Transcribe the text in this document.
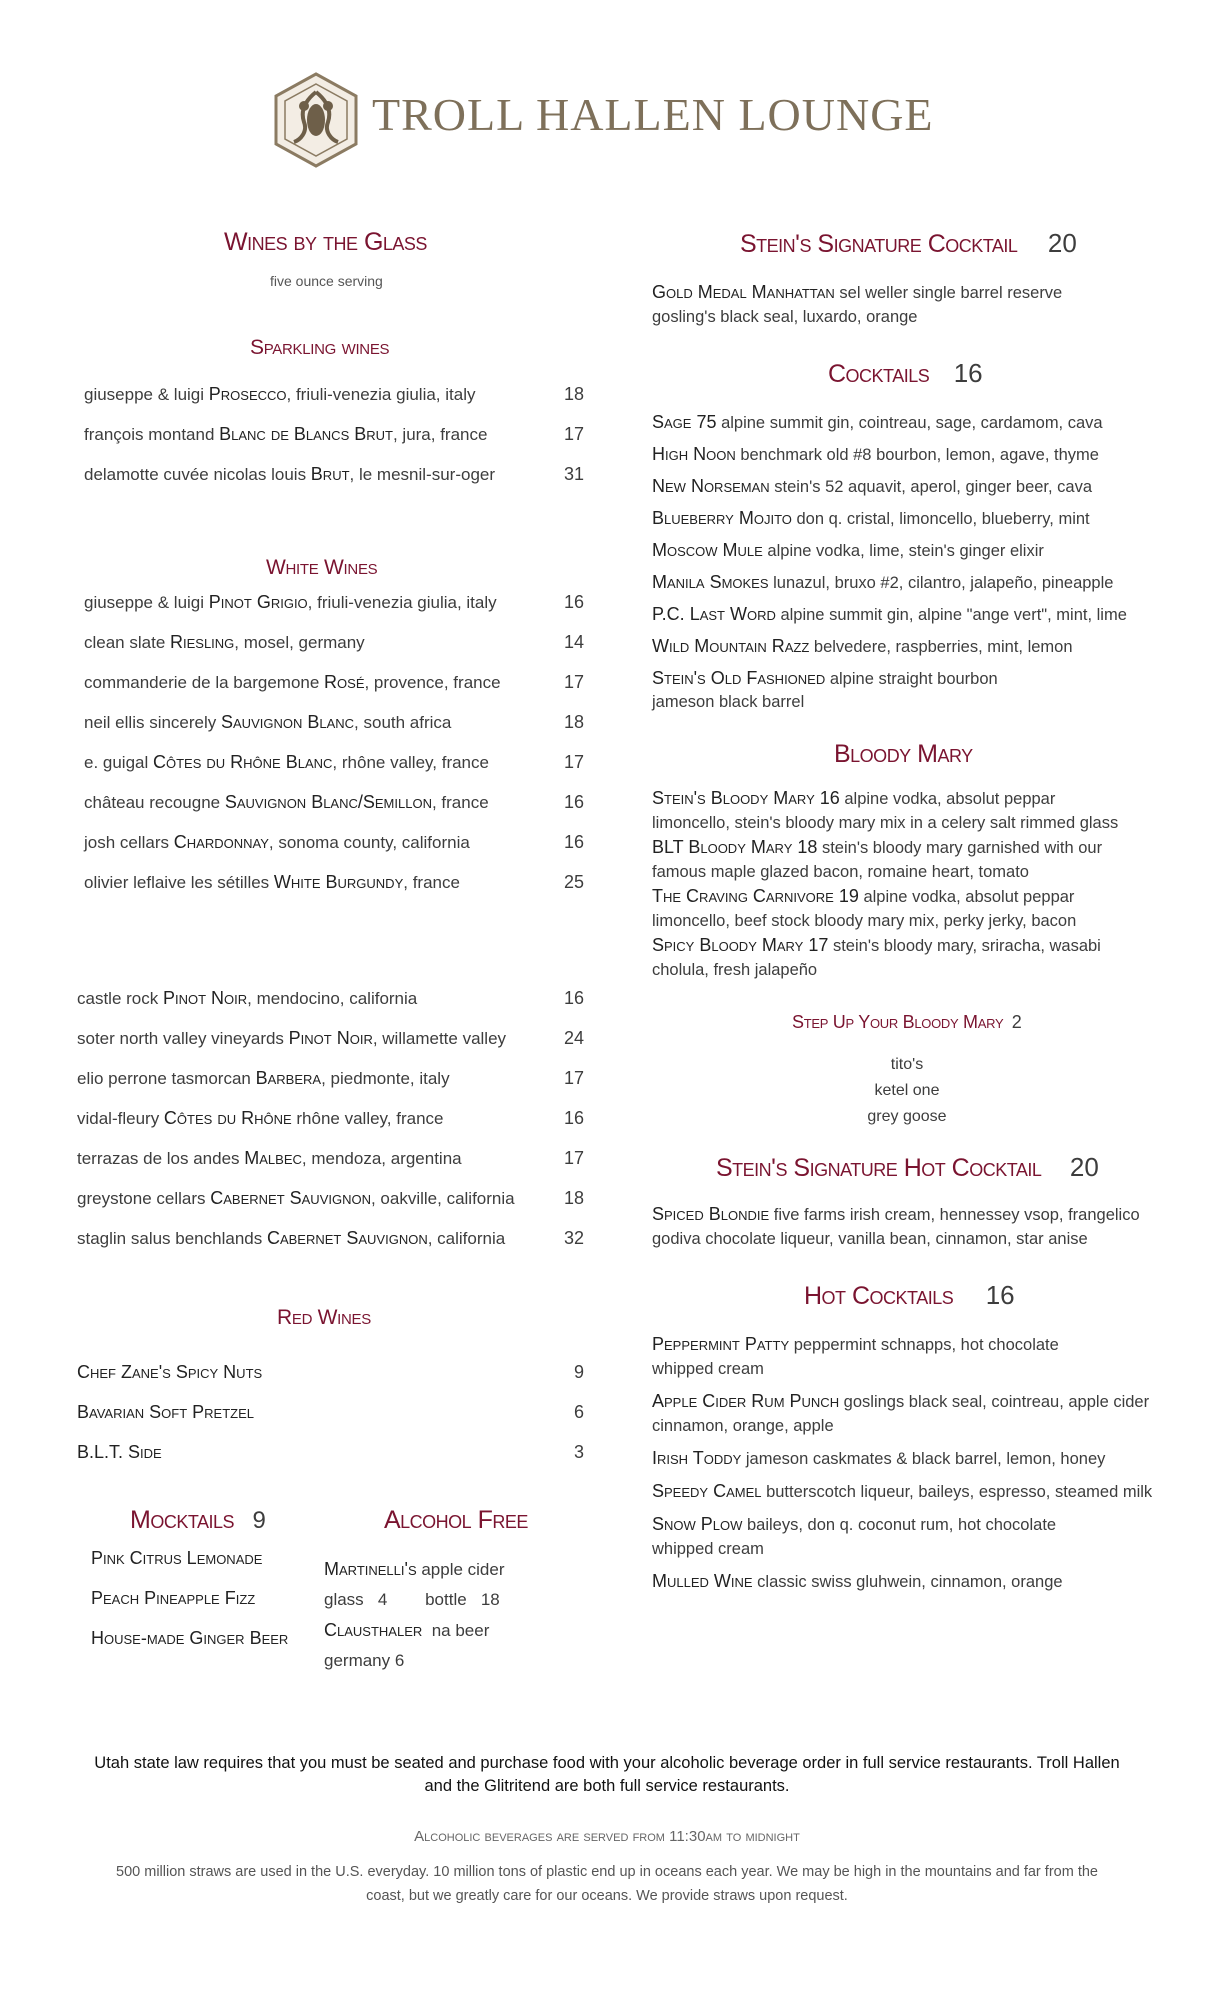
TROLL HALLEN LOUNGE
Wines by the Glass
five ounce serving
Sparkling wines
giuseppe & luigi Prosecco, friuli-venezia giulia, italy	18
françois montand Blanc de Blancs Brut, jura, france	17
delamotte cuvée nicolas louis Brut, le mesnil-sur-oger	31
White Wines
giuseppe & luigi Pinot Grigio, friuli-venezia giulia, italy	16
clean slate Riesling, mosel, germany	14
commanderie de la bargemone Rosé, provence, france	17
neil ellis sincerely Sauvignon Blanc, south africa	18
e. guigal Côtes du Rhône Blanc, rhône valley, france	17
château recougne Sauvignon Blanc/Semillon, france	16
josh cellars Chardonnay, sonoma county, california	16
olivier leflaive les sétilles White Burgundy, france	25
castle rock Pinot Noir, mendocino, california	16
soter north valley vineyards Pinot Noir, willamette valley	24
elio perrone tasmorcan Barbera, piedmonte, italy	17
vidal-fleury Côtes du Rhône rhône valley, france	16
terrazas de los andes Malbec, mendoza, argentina	17
greystone cellars Cabernet Sauvignon, oakville, california	18
staglin salus benchlands Cabernet Sauvignon, california	32
Red Wines
Chef Zane's Spicy Nuts	9
Bavarian Soft Pretzel	6
B.L.T. Side	3
Mocktails 9
Pink Citrus Lemonade
Peach Pineapple Fizz
House-made Ginger Beer
Alcohol Free
Martinelli's apple cider
glass   4        bottle   18
Clausthaler  na beer
germany 6
Stein's Signature Cocktail 20
Gold Medal Manhattan sel weller single barrel reserve
gosling's black seal, luxardo, orange
Cocktails 16
Sage 75 alpine summit gin, cointreau, sage, cardamom, cava
High Noon benchmark old #8 bourbon, lemon, agave, thyme
New Norseman stein's 52 aquavit, aperol, ginger beer, cava
Blueberry Mojito don q. cristal, limoncello, blueberry, mint
Moscow Mule alpine vodka, lime, stein's ginger elixir
Manila Smokes lunazul, bruxo #2, cilantro, jalapeño, pineapple
P.C. Last Word alpine summit gin, alpine "ange vert", mint, lime
Wild Mountain Razz belvedere, raspberries, mint, lemon
Stein's Old Fashioned alpine straight bourbon
jameson black barrel
Bloody Mary
Stein's Bloody Mary 16 alpine vodka, absolut peppar
limoncello, stein's bloody mary mix in a celery salt rimmed glass
BLT Bloody Mary 18 stein's bloody mary garnished with our
famous maple glazed bacon, romaine heart, tomato
The Craving Carnivore 19 alpine vodka, absolut peppar
limoncello, beef stock bloody mary mix, perky jerky, bacon
Spicy Bloody Mary 17 stein's bloody mary, sriracha, wasabi
cholula, fresh jalapeño
Step Up Your Bloody Mary 2
tito's
ketel one
grey goose
Stein's Signature Hot Cocktail 20
Spiced Blondie five farms irish cream, hennessey vsop, frangelico
godiva chocolate liqueur, vanilla bean, cinnamon, star anise
Hot Cocktails 16
Peppermint Patty peppermint schnapps, hot chocolate
whipped cream
Apple Cider Rum Punch goslings black seal, cointreau, apple cider
cinnamon, orange, apple
Irish Toddy jameson caskmates & black barrel, lemon, honey
Speedy Camel butterscotch liqueur, baileys, espresso, steamed milk
Snow Plow baileys, don q. coconut rum, hot chocolate
whipped cream
Mulled Wine classic swiss gluhwein, cinnamon, orange
Utah state law requires that you must be seated and purchase food with your alcoholic beverage order in full service restaurants. Troll Hallen
and the Glitritend are both full service restaurants.
Alcoholic beverages are served from 11:30am to midnight
500 million straws are used in the U.S. everyday. 10 million tons of plastic end up in oceans each year. We may be high in the mountains and far from the
coast, but we greatly care for our oceans. We provide straws upon request.
